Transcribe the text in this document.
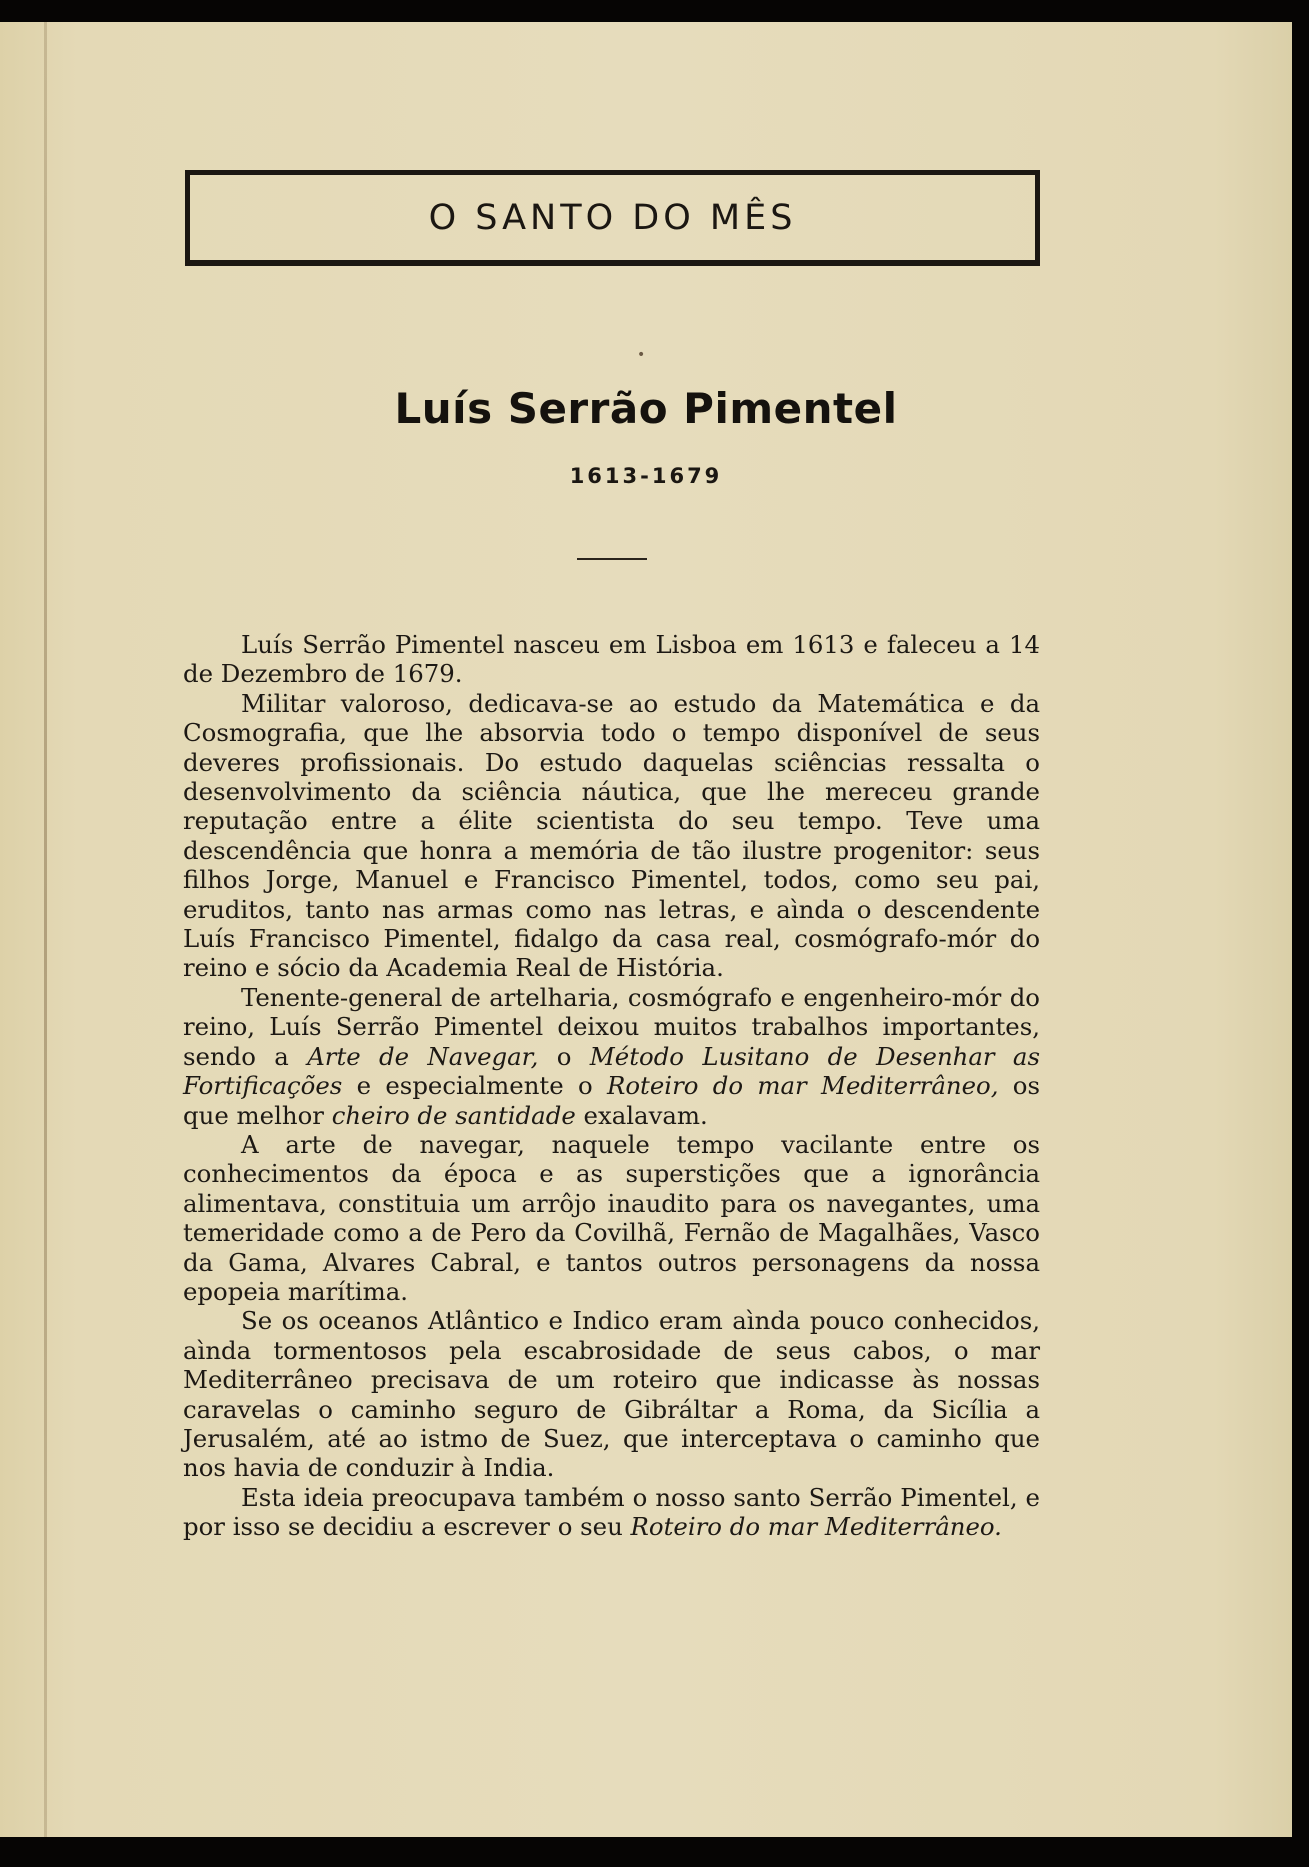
O SANTO DO MÊS
•
Luís Serrão Pimentel
1613-1679

Luís Serrão Pimentel nasceu em Lisboa em 1613 e faleceu a 14 de Dezembro de 1679.

Militar valoroso, dedicava-se ao estudo da Matemática e da Cosmografia, que lhe absorvia todo o tempo disponível de seus deveres profissionais. Do estudo daquelas sciências ressalta o desenvolvimento da sciência náutica, que lhe mereceu grande reputação entre a élite scientista do seu tempo. Teve uma descendência que honra a memória de tão ilustre progenitor: seus filhos Jorge, Manuel e Francisco Pimentel, todos, como seu pai, eruditos, tanto nas armas como nas letras, e aìnda o descendente Luís Francisco Pimentel, fidalgo da casa real, cosmógrafo-mór do reino e sócio da Academia Real de História.

Tenente-general de artelharia, cosmógrafo e engenheiro-mór do reino, Luís Serrão Pimentel deixou muitos trabalhos importantes, sendo a Arte de Navegar, o Método Lusitano de Desenhar as Fortificações e especialmente o Roteiro do mar Mediterrâneo, os que melhor cheiro de santidade exalavam.

A arte de navegar, naquele tempo vacilante entre os conhecimentos da época e as superstições que a ignorância alimentava, constituia um arrôjo inaudito para os navegantes, uma temeridade como a de Pero da Covilhã, Fernão de Magalhães, Vasco da Gama, Alvares Cabral, e tantos outros personagens da nossa epopeia marítima.

Se os oceanos Atlântico e Indico eram aìnda pouco conhecidos, aìnda tormentosos pela escabrosidade de seus cabos, o mar Mediterrâneo precisava de um roteiro que indicasse às nossas caravelas o caminho seguro de Gibráltar a Roma, da Sicília a Jerusalém, até ao istmo de Suez, que interceptava o caminho que nos havia de conduzir à India.

Esta ideia preocupava também o nosso santo Serrão Pimentel, e por isso se decidiu a escrever o seu Roteiro do mar Mediterrâneo.
